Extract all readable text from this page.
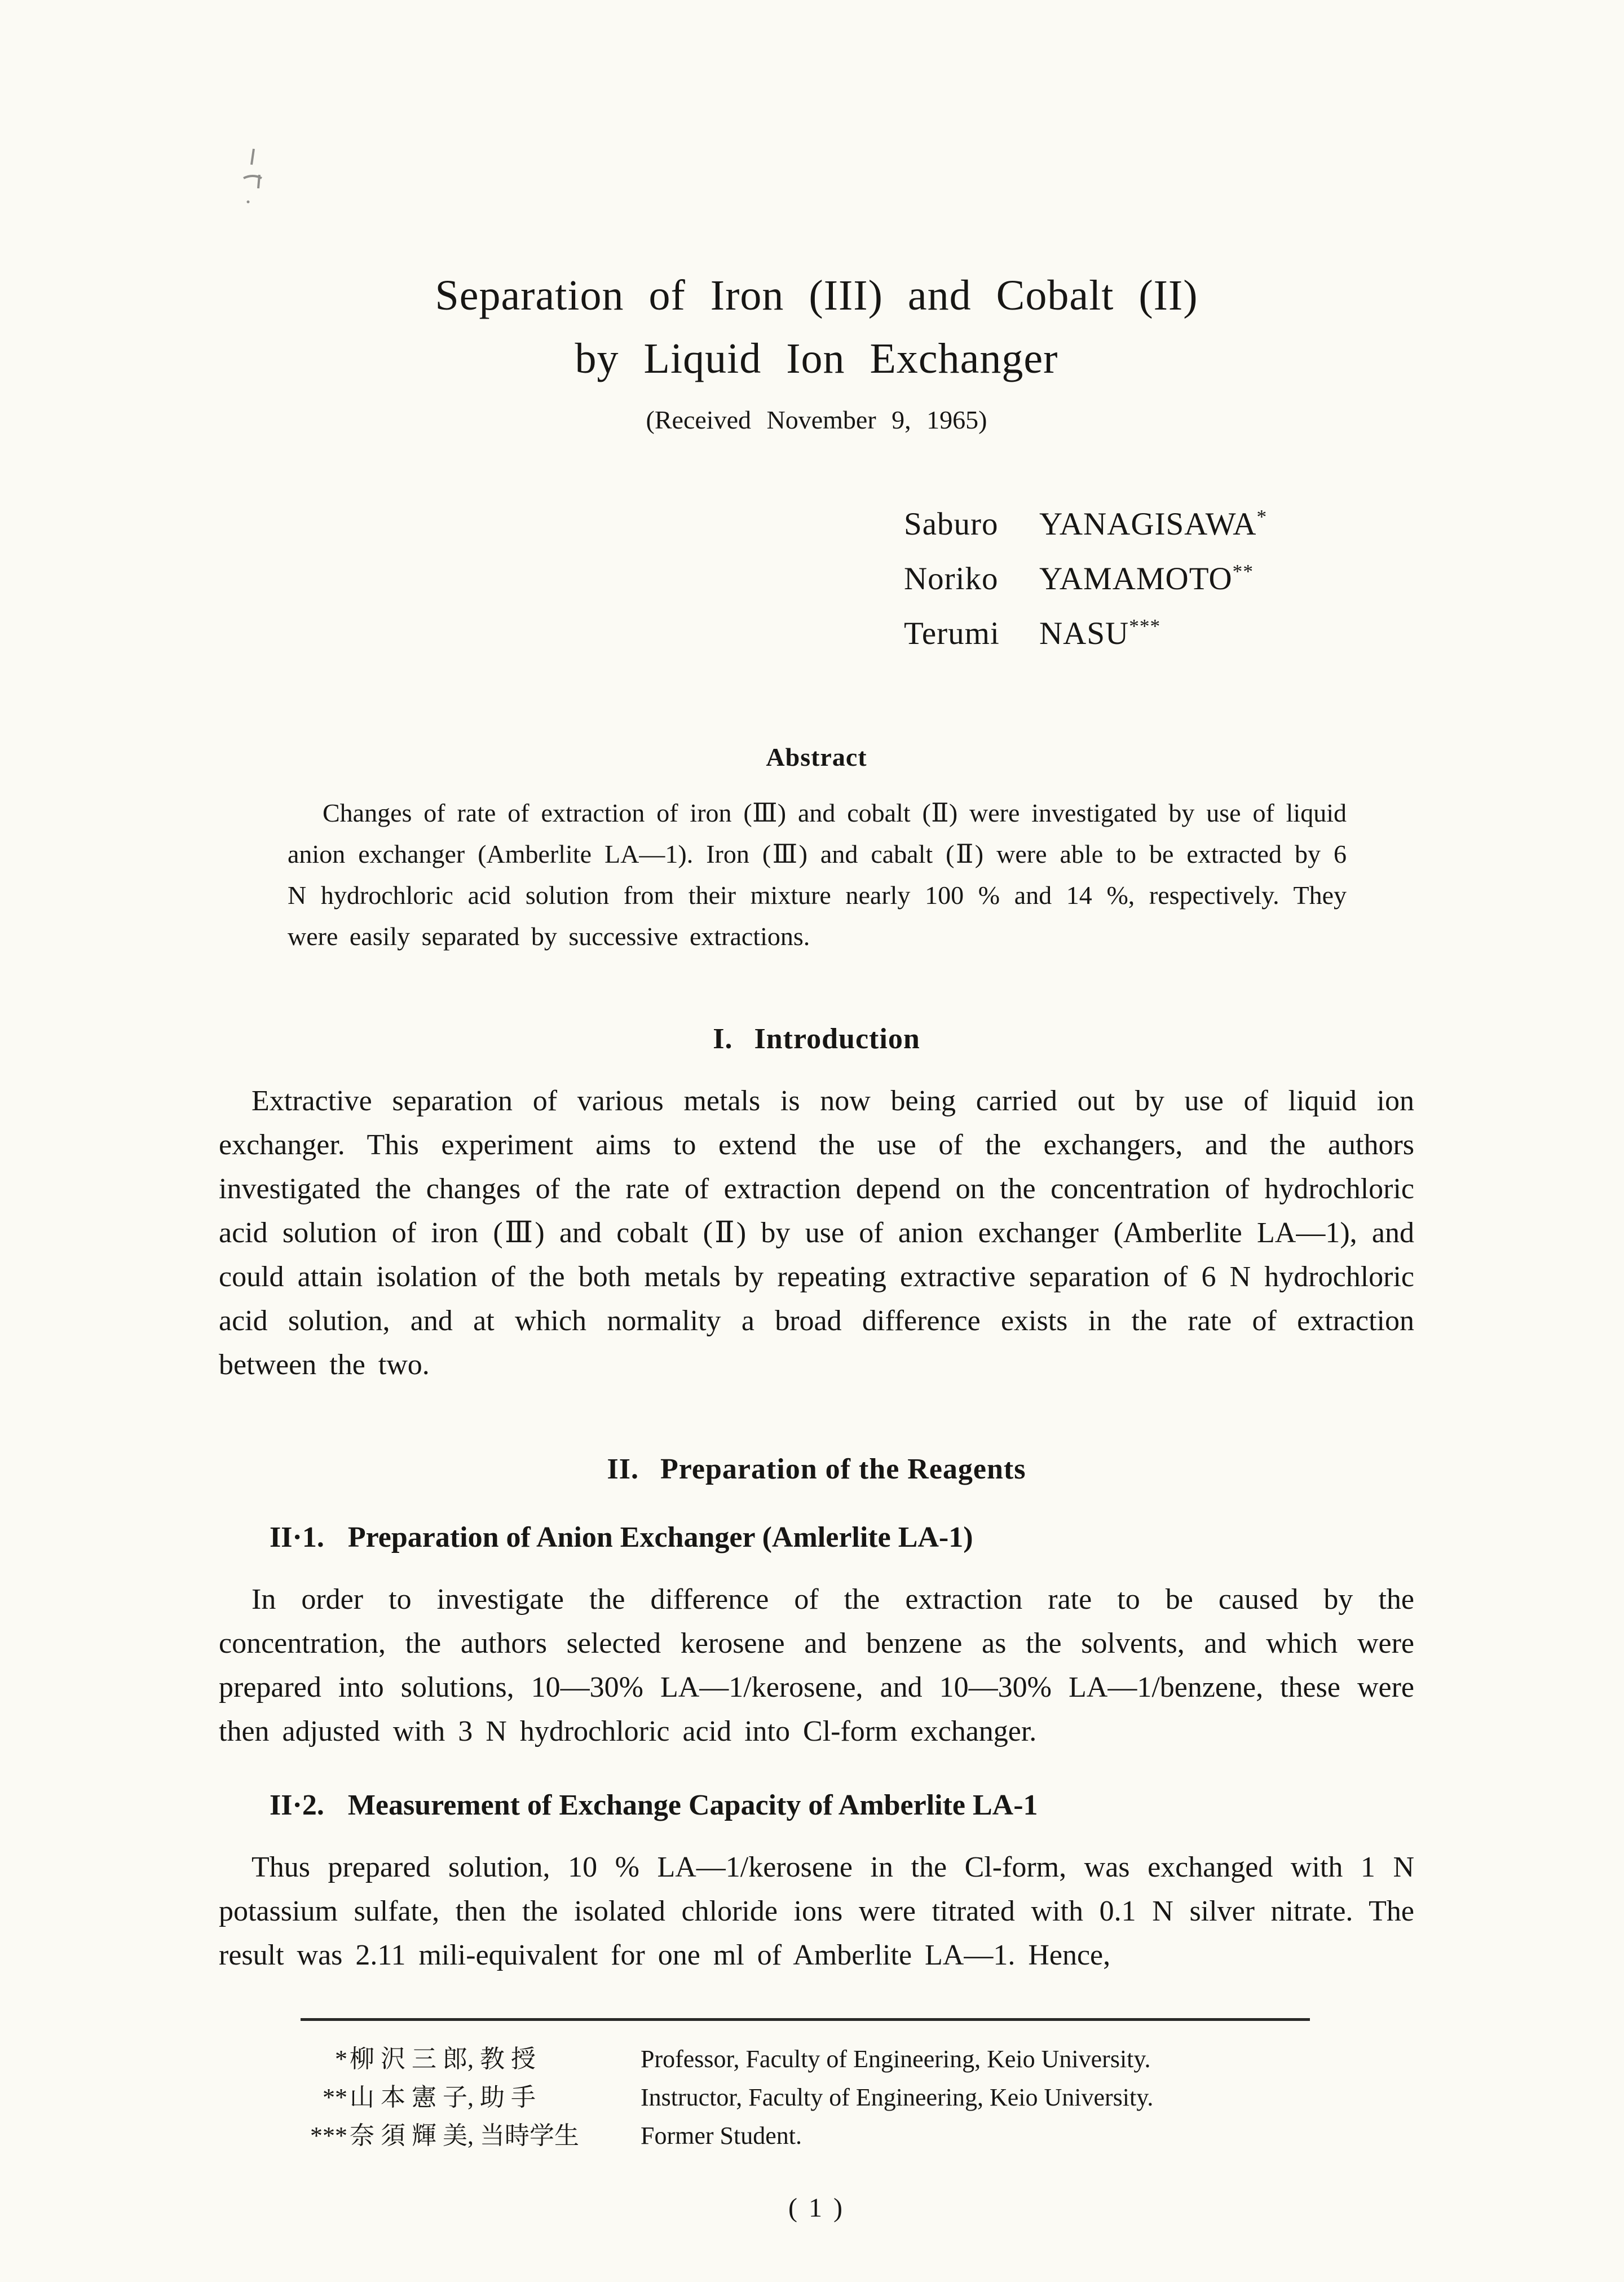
Separation of Iron (III) and Cobalt (II)
by Liquid Ion Exchanger
(Received November 9, 1965)
Saburo YANAGISAWA*
Noriko YAMAMOTO**
Terumi NASU***
Abstract

Changes of rate of extraction of iron (Ⅲ) and cobalt (Ⅱ) were investigated by use of liquid anion exchanger (Amberlite LA—1). Iron (Ⅲ) and cabalt (Ⅱ) were able to be extracted by 6 N hydrochloric acid solution from their mixture nearly 100 % and 14 %, respectively. They were easily separated by successive extractions.

I. Introduction

Extractive separation of various metals is now being carried out by use of liquid ion exchanger. This experiment aims to extend the use of the exchangers, and the authors investigated the changes of the rate of extraction depend on the concentration of hydrochloric acid solution of iron (Ⅲ) and cobalt (Ⅱ) by use of anion exchanger (Amberlite LA—1), and could attain isolation of the both metals by repeating extractive separation of 6 N hydrochloric acid solution, and at which normality a broad difference exists in the rate of extraction between the two.

II. Preparation of the Reagents
II·1. Preparation of Anion Exchanger (Amlerlite LA-1)

In order to investigate the difference of the extraction rate to be caused by the concentration, the authors selected kerosene and benzene as the solvents, and which were prepared into solutions, 10—30% LA—1/kerosene, and 10—30% LA—1/benzene, these were then adjusted with 3 N hydrochloric acid into Cl-form exchanger.

II·2. Measurement of Exchange Capacity of Amberlite LA-1

Thus prepared solution, 10 % LA—1/kerosene in the Cl-form, was exchanged with 1 N potassium sulfate, then the isolated chloride ions were titrated with 0.1 N silver nitrate. The result was 2.11 mili-equivalent for one ml of Amberlite LA—1. Hence,

* 柳 沢 三 郎, 教 授	Professor, Faculty of Engineering, Keio University.
** 山 本 憲 子, 助 手	Instructor, Faculty of Engineering, Keio University.
*** 奈 須 輝 美, 当時学生	Former Student.
( 1 )
